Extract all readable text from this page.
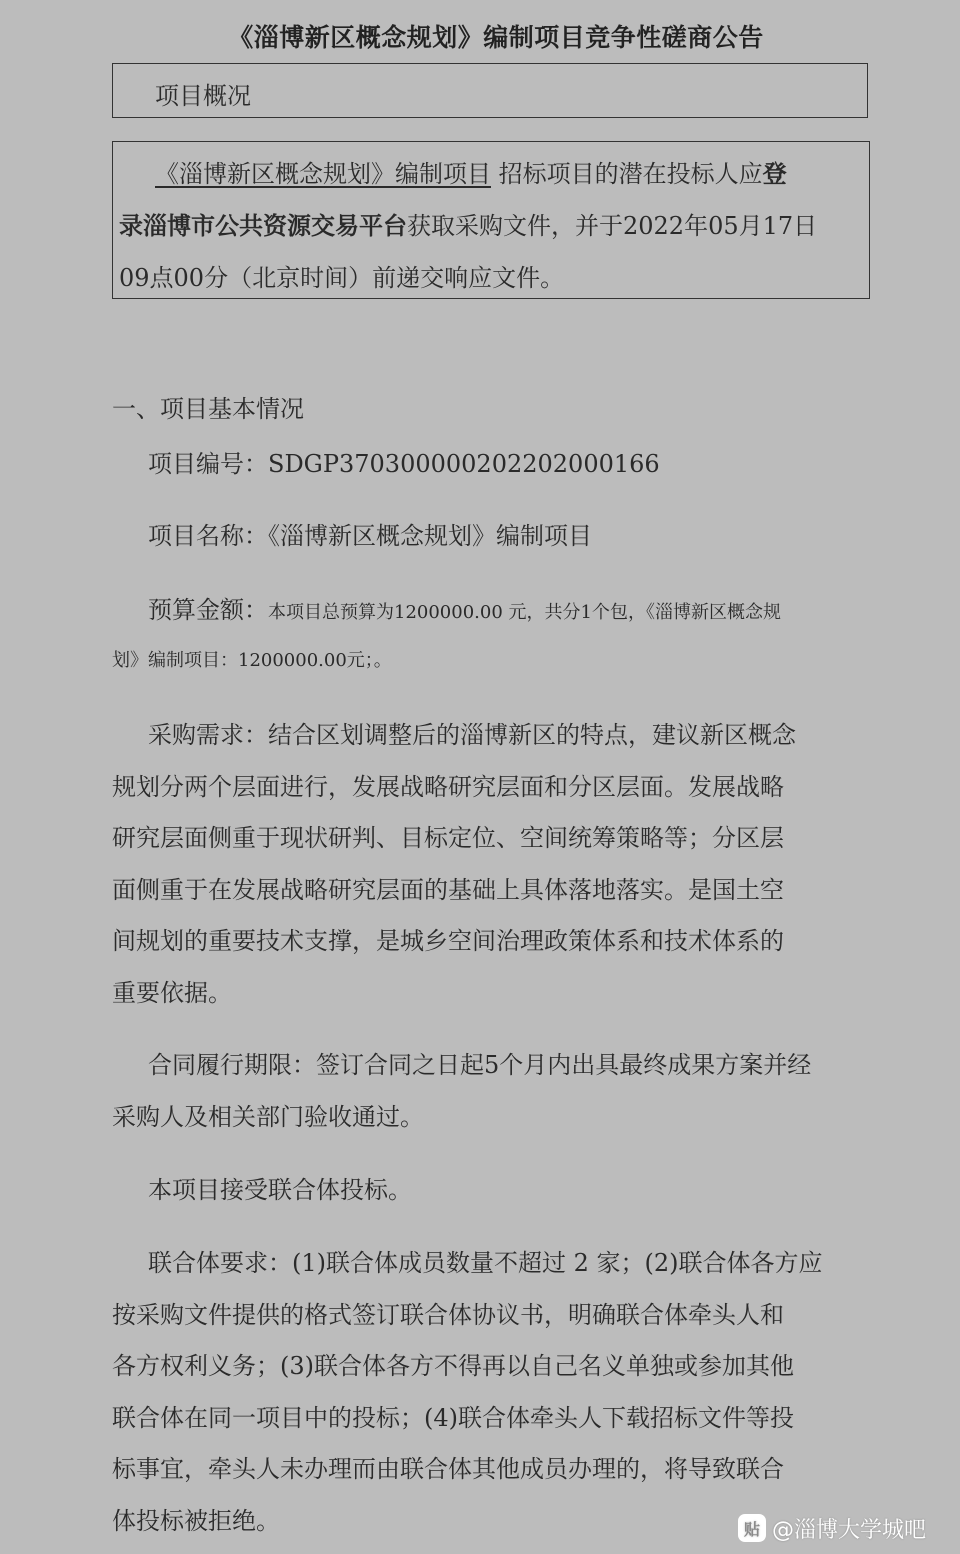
《淄博新区概念规划》编制项目竞争性磋商公告
项目概况

《淄博新区概念规划》编制项目 招标项目的潜在投标人应登

录淄博市公共资源交易平台获取采购文件，并于2022年05月17日

09点00分（北京时间）前递交响应文件。

一、项目基本情况

项目编号：SDGP370300000202202000166

项目名称：《淄博新区概念规划》编制项目

预算金额：本项目总预算为1200000.00 元，共分1个包，《淄博新区概念规

划》编制项目：1200000.00元；。

采购需求：结合区划调整后的淄博新区的特点，建议新区概念

规划分两个层面进行，发展战略研究层面和分区层面。发展战略

研究层面侧重于现状研判、目标定位、空间统筹策略等；分区层

面侧重于在发展战略研究层面的基础上具体落地落实。是国土空

间规划的重要技术支撑，是城乡空间治理政策体系和技术体系的

重要依据。

合同履行期限：签订合同之日起5个月内出具最终成果方案并经

采购人及相关部门验收通过。

本项目接受联合体投标。

联合体要求：(1)联合体成员数量不超过 2 家；(2)联合体各方应

按采购文件提供的格式签订联合体协议书，明确联合体牵头人和

各方权利义务；(3)联合体各方不得再以自己名义单独或参加其他

联合体在同一项目中的投标；(4)联合体牵头人下载招标文件等投

标事宜，牵头人未办理而由联合体其他成员办理的，将导致联合

体投标被拒绝。	贴 @淄博大学城吧
